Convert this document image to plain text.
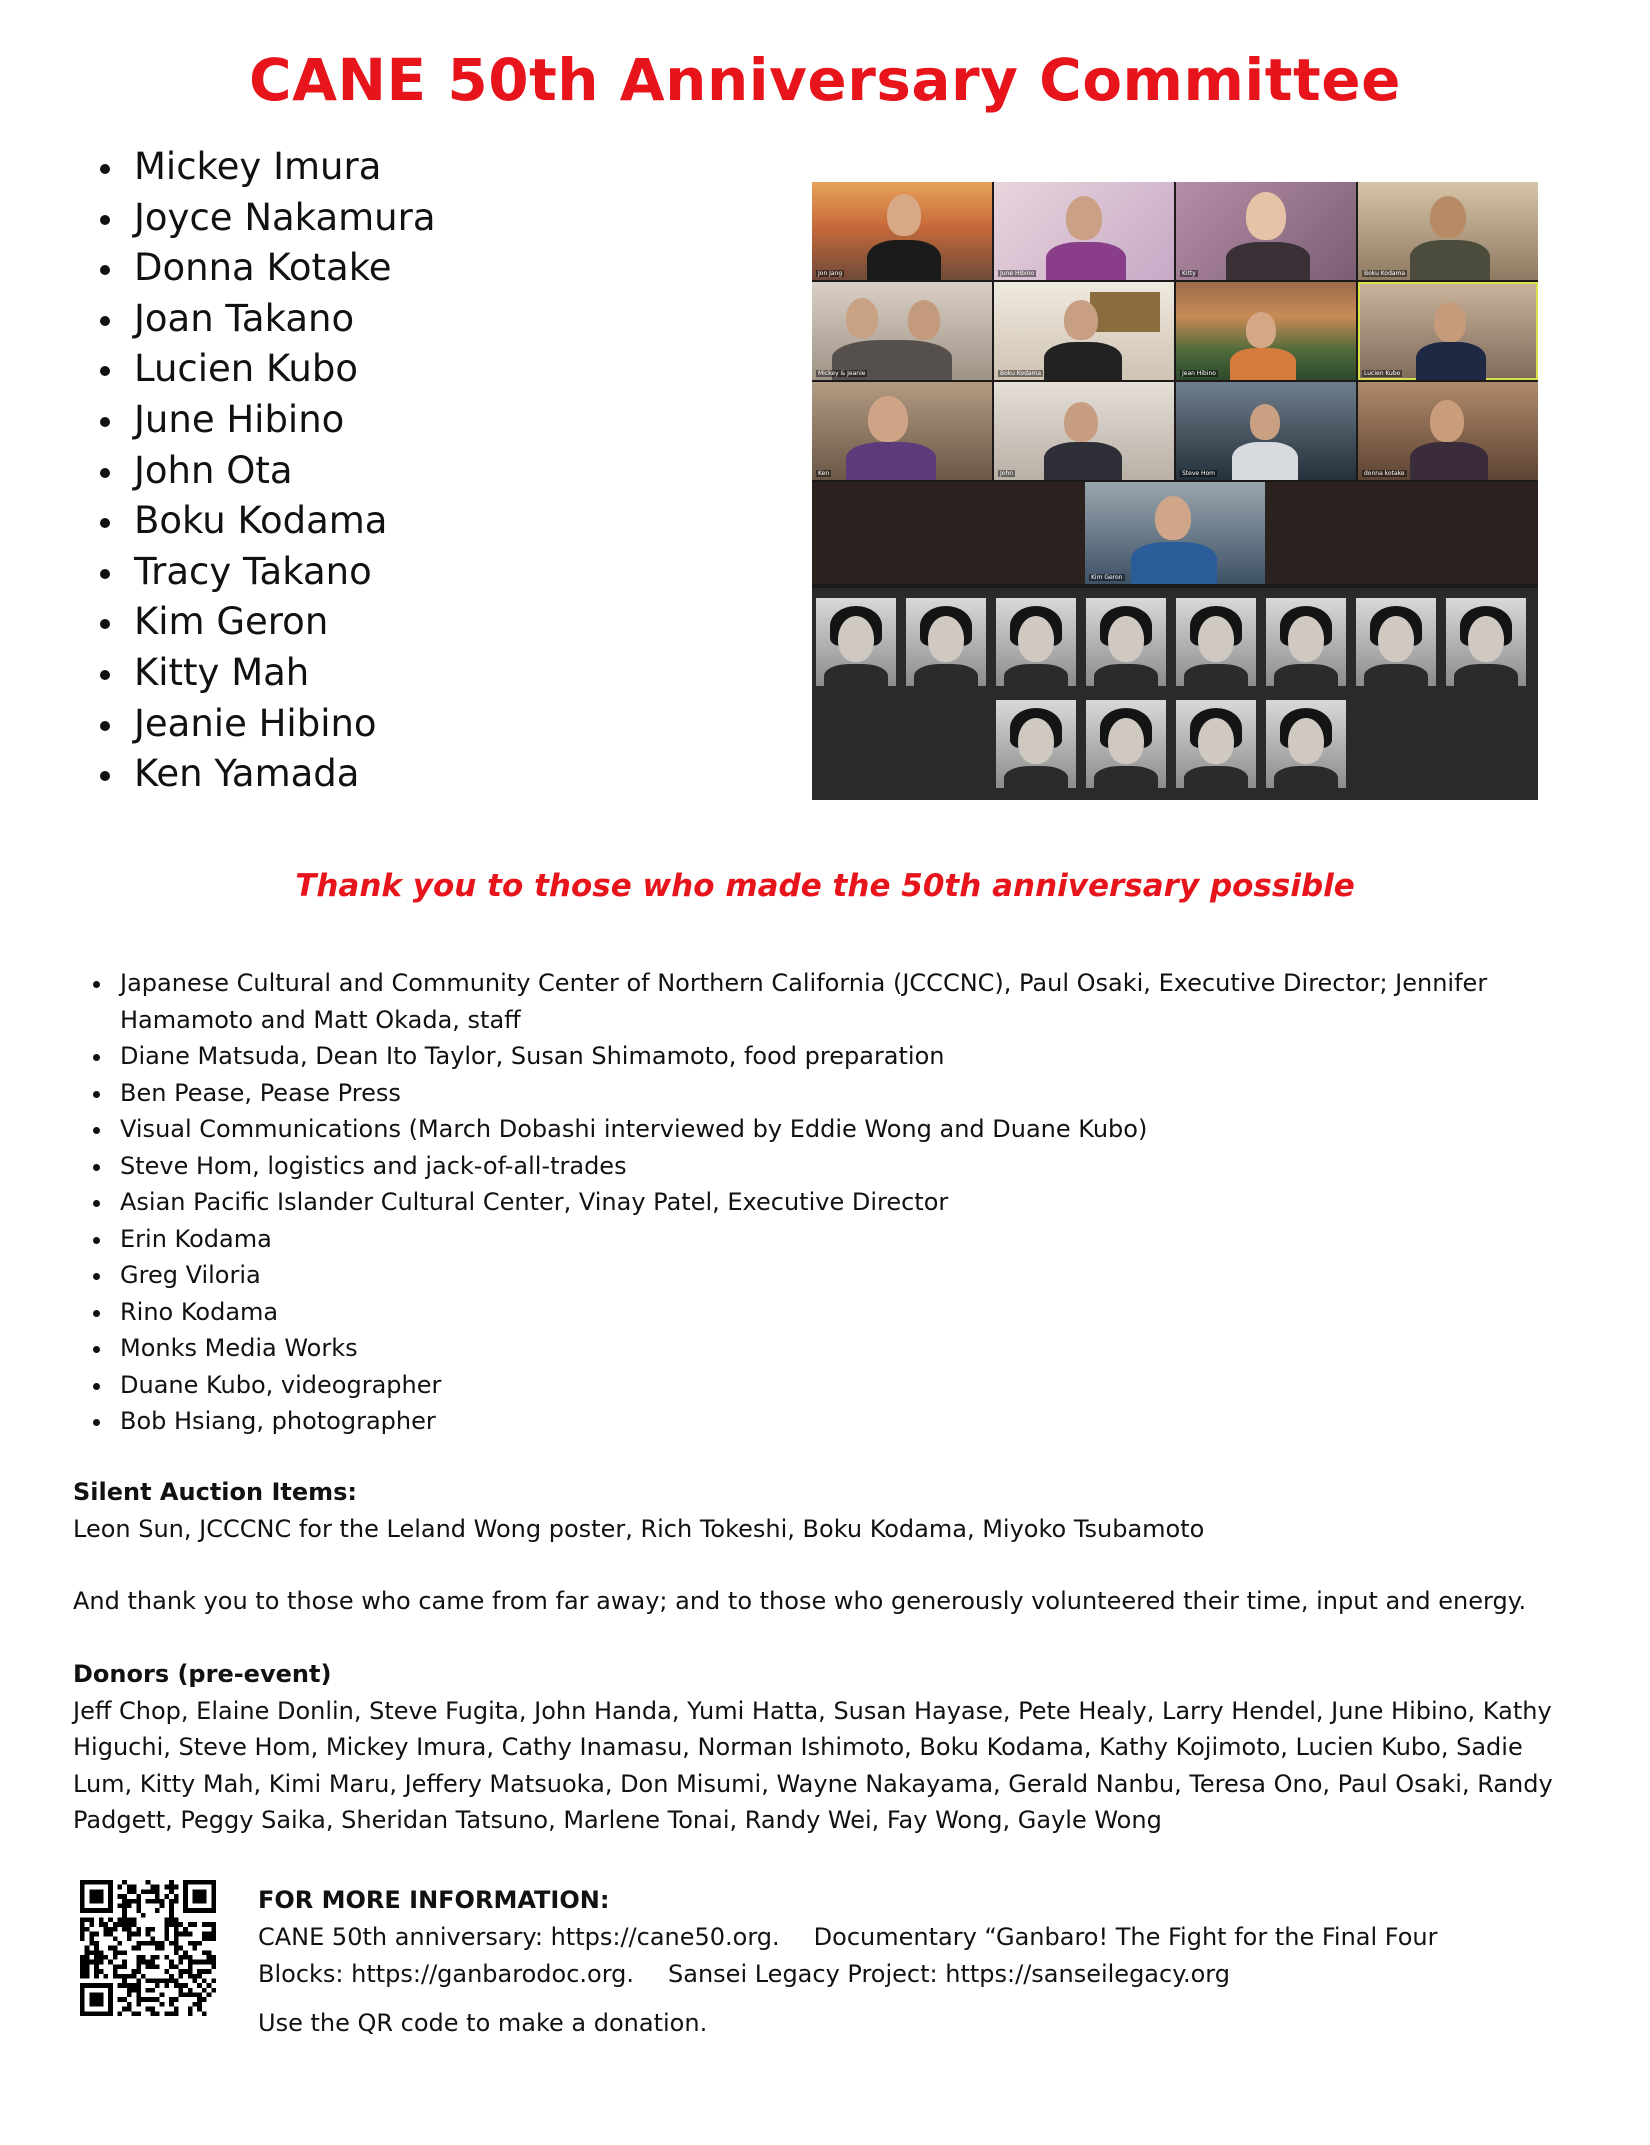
CANE 50th Anniversary Committee
Mickey Imura
Joyce Nakamura
Donna Kotake
Joan Takano
Lucien Kubo
June Hibino
John Ota
Boku Kodama
Tracy Takano
Kim Geron
Kitty Mah
Jeanie Hibino
Ken Yamada
Jon Jang	June Hibino	Kitty	Boku Kodama
Mickey & Jeanie	Boku Kodama	Jean Hibino	Lucien Kubo
Ken	John	Steve Hom	donna kotake
Kim Geron
Thank you to those who made the 50th anniversary possible
Japanese Cultural and Community Center of Northern California (JCCCNC), Paul Osaki, Executive Director; Jennifer Hamamoto and Matt Okada, staff
Diane Matsuda, Dean Ito Taylor, Susan Shimamoto, food preparation
Ben Pease, Pease Press
Visual Communications (March Dobashi interviewed by Eddie Wong and Duane Kubo)
Steve Hom, logistics and jack-of-all-trades
Asian Pacific Islander Cultural Center, Vinay Patel, Executive Director
Erin Kodama
Greg Viloria
Rino Kodama
Monks Media Works
Duane Kubo, videographer
Bob Hsiang, photographer
Silent Auction Items:
Leon Sun, JCCCNC for the Leland Wong poster, Rich Tokeshi, Boku Kodama, Miyoko Tsubamoto
And thank you to those who came from far away; and to those who generously volunteered their time, input and energy.
Donors (pre-event)
Jeff Chop, Elaine Donlin, Steve Fugita, John Handa, Yumi Hatta, Susan Hayase, Pete Healy, Larry Hendel, June Hibino, Kathy Higuchi, Steve Hom, Mickey Imura, Cathy Inamasu, Norman Ishimoto, Boku Kodama, Kathy Kojimoto, Lucien Kubo, Sadie Lum, Kitty Mah, Kimi Maru, Jeffery Matsuoka, Don Misumi, Wayne Nakayama, Gerald Nanbu, Teresa Ono, Paul Osaki, Randy Padgett, Peggy Saika, Sheridan Tatsuno, Marlene Tonai, Randy Wei, Fay Wong, Gayle Wong
FOR MORE INFORMATION:
CANE 50th anniversary: https://cane50.org. Documentary “Ganbaro! The Fight for the Final Four
Blocks: https://ganbarodoc.org. Sansei Legacy Project: https://sanseilegacy.org
Use the QR code to make a donation.
